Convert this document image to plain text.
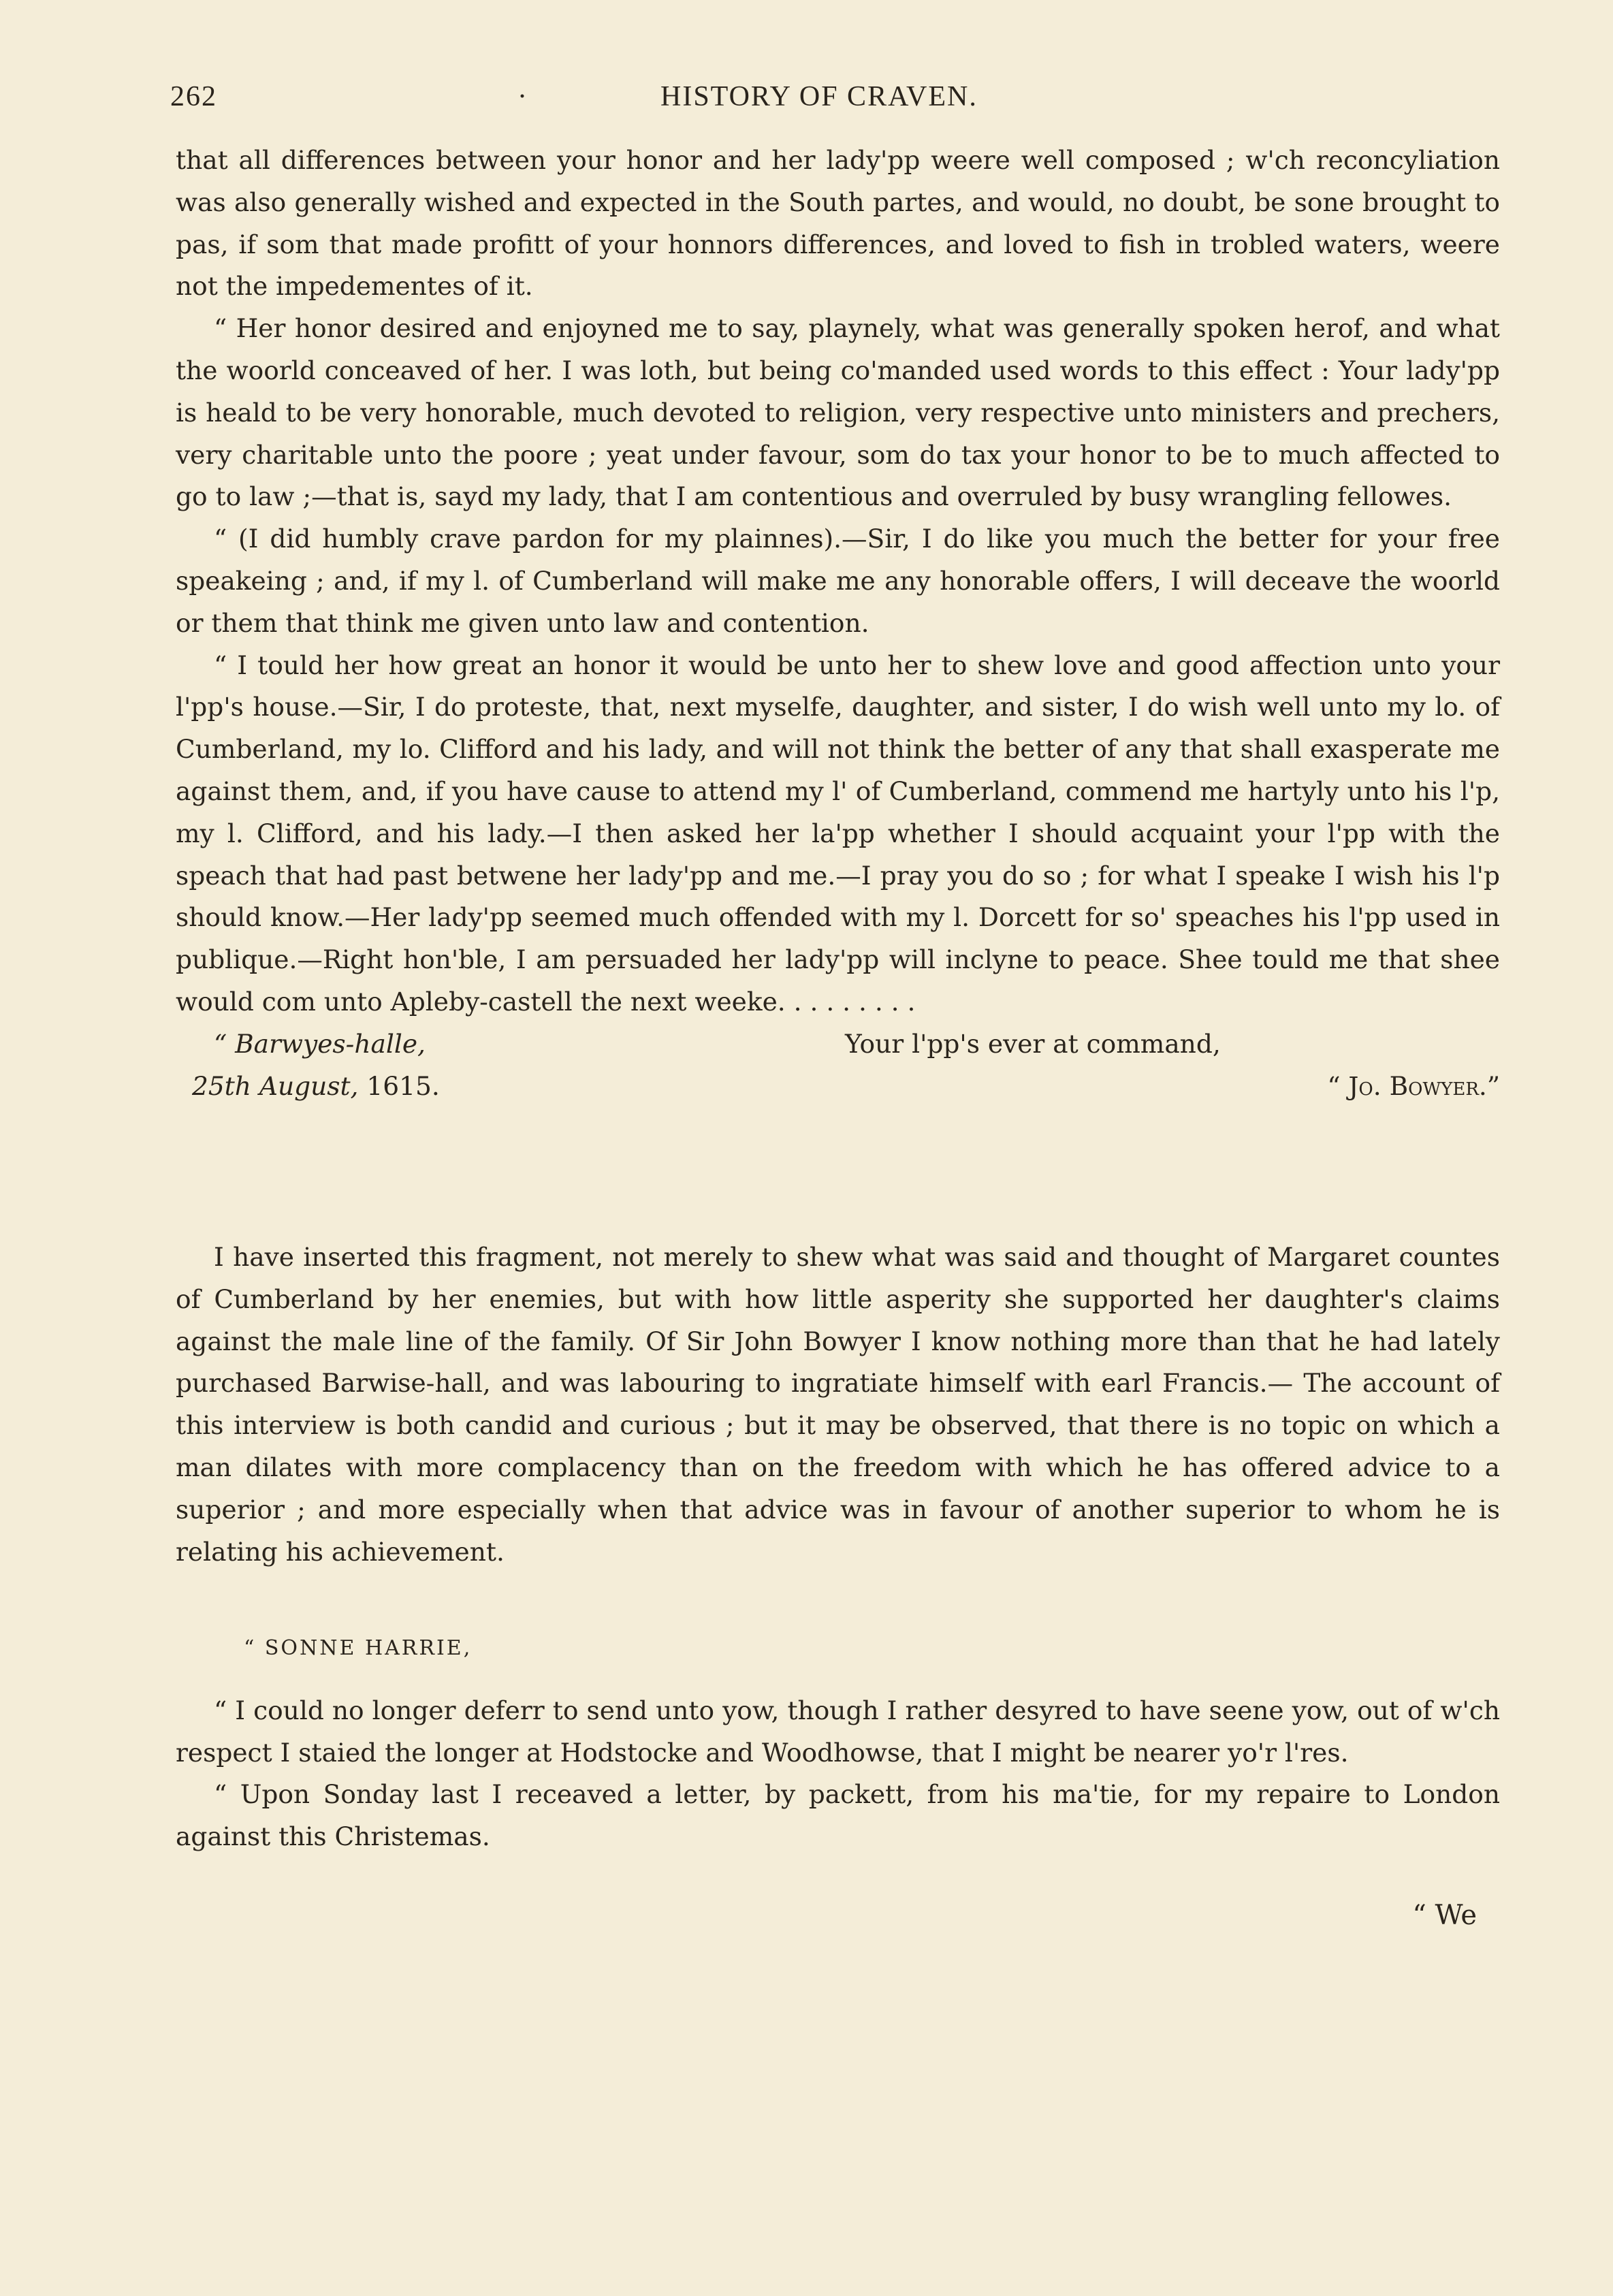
262	·	HISTORY OF CRAVEN.

that all differences between your honor and her lady'pp weere well composed ; w'ch reconcyliation was also generally wished and expected in the South partes, and would, no doubt, be sone brought to pas, if som that made profitt of your honnors differences, and loved to fish in trobled waters, weere not the impedementes of it.

“ Her honor desired and enjoyned me to say, playnely, what was generally spoken herof, and what the woorld conceaved of her. I was loth, but being co'manded used words to this effect : Your lady'pp is heald to be very honorable, much devoted to religion, very respective unto ministers and prechers, very charitable unto the poore ; yeat under favour, som do tax your honor to be to much affected to go to law ;—that is, sayd my lady, that I am contentious and overruled by busy wrangling fellowes.

“ (I did humbly crave pardon for my plainnes).—Sir, I do like you much the better for your free speakeing ; and, if my l. of Cumberland will make me any honorable offers, I will deceave the woorld or them that think me given unto law and contention.

“ I tould her how great an honor it would be unto her to shew love and good affection unto your l'pp's house.—Sir, I do proteste, that, next myselfe, daughter, and sister, I do wish well unto my lo. of Cumberland, my lo. Clifford and his lady, and will not think the better of any that shall exasperate me against them, and, if you have cause to attend my l' of Cumberland, commend me hartyly unto his l'p, my l. Clifford, and his lady.—I then asked her la'pp whether I should acquaint your l'pp with the speach that had past betwene her lady'pp and me.—I pray you do so ; for what I speake I wish his l'p should know.—Her lady'pp seemed much offended with my l. Dorcett for so' speaches his l'pp used in publique.—Right hon'ble, I am persuaded her lady'pp will inclyne to peace. Shee tould me that shee would com unto Apleby-castell the next weeke. . . . . . . . .

“ Barwyes-halle,	Your l'pp's ever at command,
25th August, 1615.	“ Jo. Bowyer.”

I have inserted this fragment, not merely to shew what was said and thought of Margaret countes of Cumberland by her enemies, but with how little asperity she supported her daughter's claims against the male line of the family. Of Sir John Bowyer I know nothing more than that he had lately purchased Barwise-hall, and was labouring to ingratiate himself with earl Francis.— The account of this interview is both candid and curious ; but it may be observed, that there is no topic on which a man dilates with more complacency than on the freedom with which he has offered advice to a superior ; and more especially when that advice was in favour of another superior to whom he is relating his achievement.

“ SONNE HARRIE,

“ I could no longer deferr to send unto yow, though I rather desyred to have seene yow, out of w'ch respect I staied the longer at Hodstocke and Woodhowse, that I might be nearer yo'r l'res.

“ Upon Sonday last I receaved a letter, by packett, from his ma'tie, for my repaire to London against this Christemas.

“ We
